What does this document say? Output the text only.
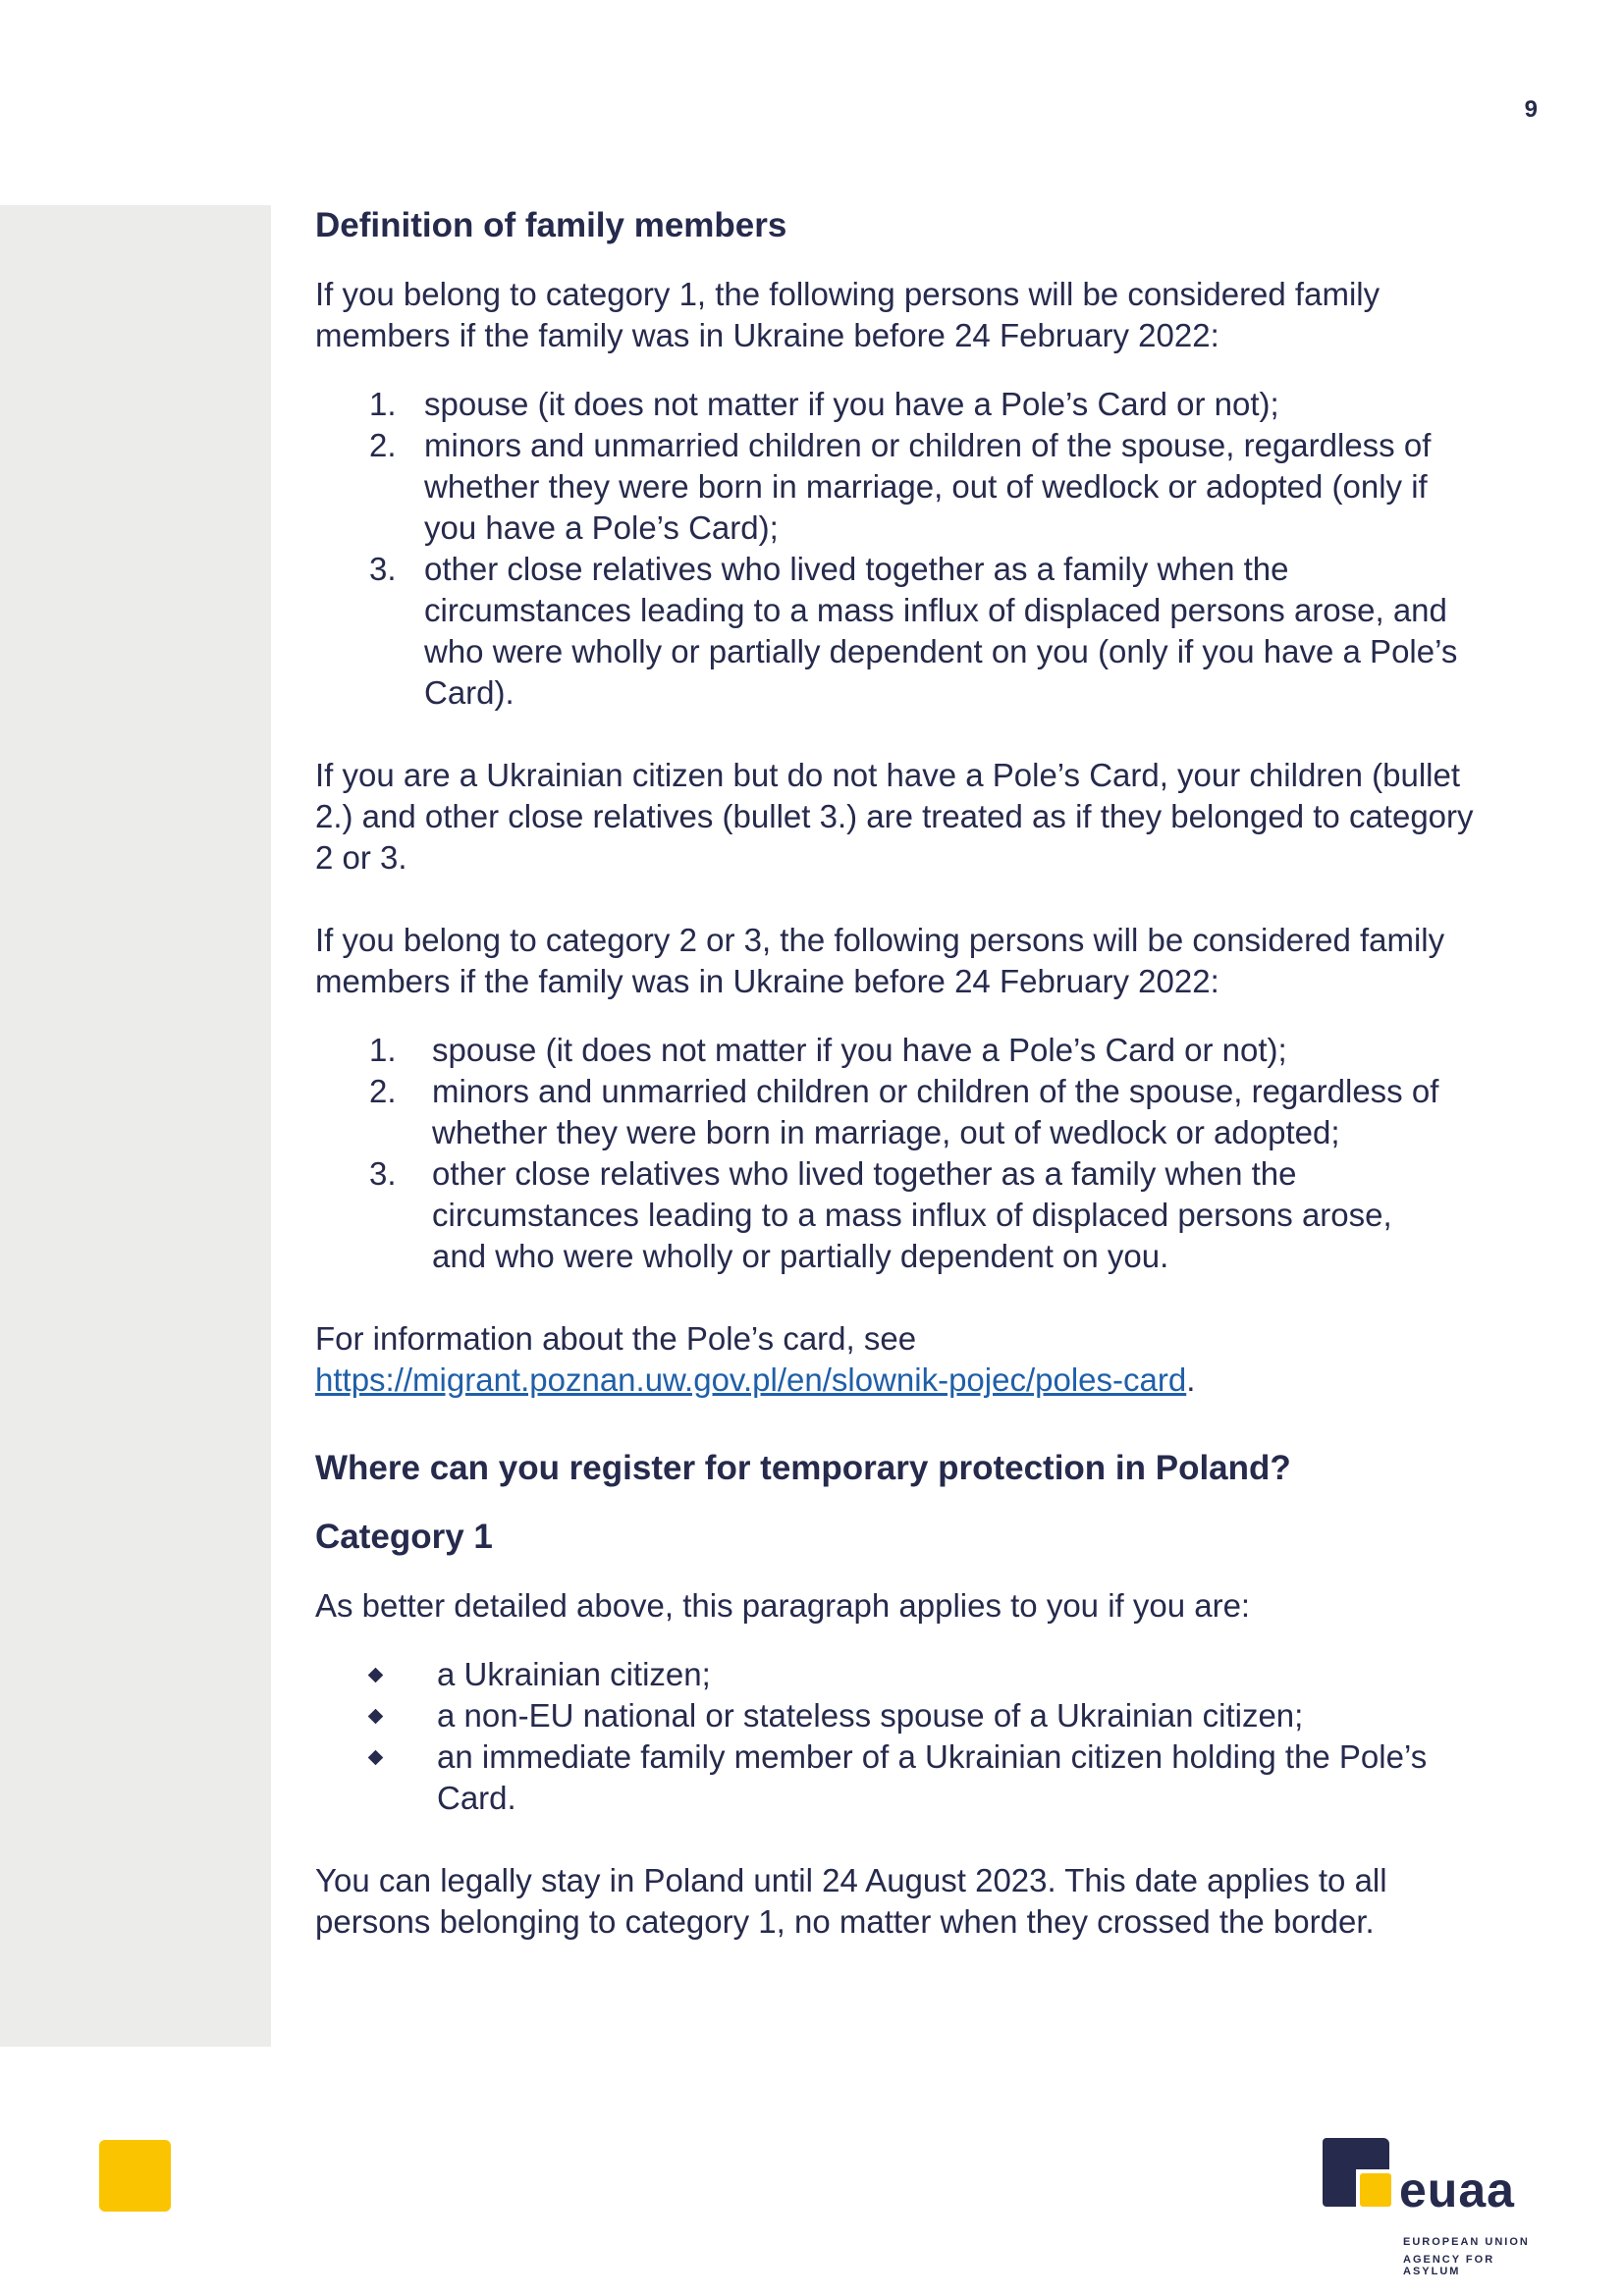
9
Definition of family members

If you belong to category 1, the following persons will be considered family members if the family was in Ukraine before 24 February 2022:

1. spouse (it does not matter if you have a Pole’s Card or not);
2. minors and unmarried children or children of the spouse, regardless of whether they were born in marriage, out of wedlock or adopted (only if you have a Pole’s Card);
3. other close relatives who lived together as a family when the circumstances leading to a mass influx of displaced persons arose, and who were wholly or partially dependent on you (only if you have a Pole’s Card).

If you are a Ukrainian citizen but do not have a Pole’s Card, your children (bullet 2.) and other close relatives (bullet 3.) are treated as if they belonged to category 2 or 3.

If you belong to category 2 or 3, the following persons will be considered family members if the family was in Ukraine before 24 February 2022:

1. spouse (it does not matter if you have a Pole’s Card or not);
2. minors and unmarried children or children of the spouse, regardless of whether they were born in marriage, out of wedlock or adopted;
3. other close relatives who lived together as a family when the circumstances leading to a mass influx of displaced persons arose, and who were wholly or partially dependent on you.

For information about the Pole’s card, see https://migrant.poznan.uw.gov.pl/en/slownik-pojec/poles-card.

Where can you register for temporary protection in Poland?
Category 1

As better detailed above, this paragraph applies to you if you are:

a Ukrainian citizen;
a non-EU national or stateless spouse of a Ukrainian citizen;
an immediate family member of a Ukrainian citizen holding the Pole’s Card.

You can legally stay in Poland until 24 August 2023. This date applies to all persons belonging to category 1, no matter when they crossed the border.

euaa
EUROPEAN UNION
AGENCY FOR ASYLUM
